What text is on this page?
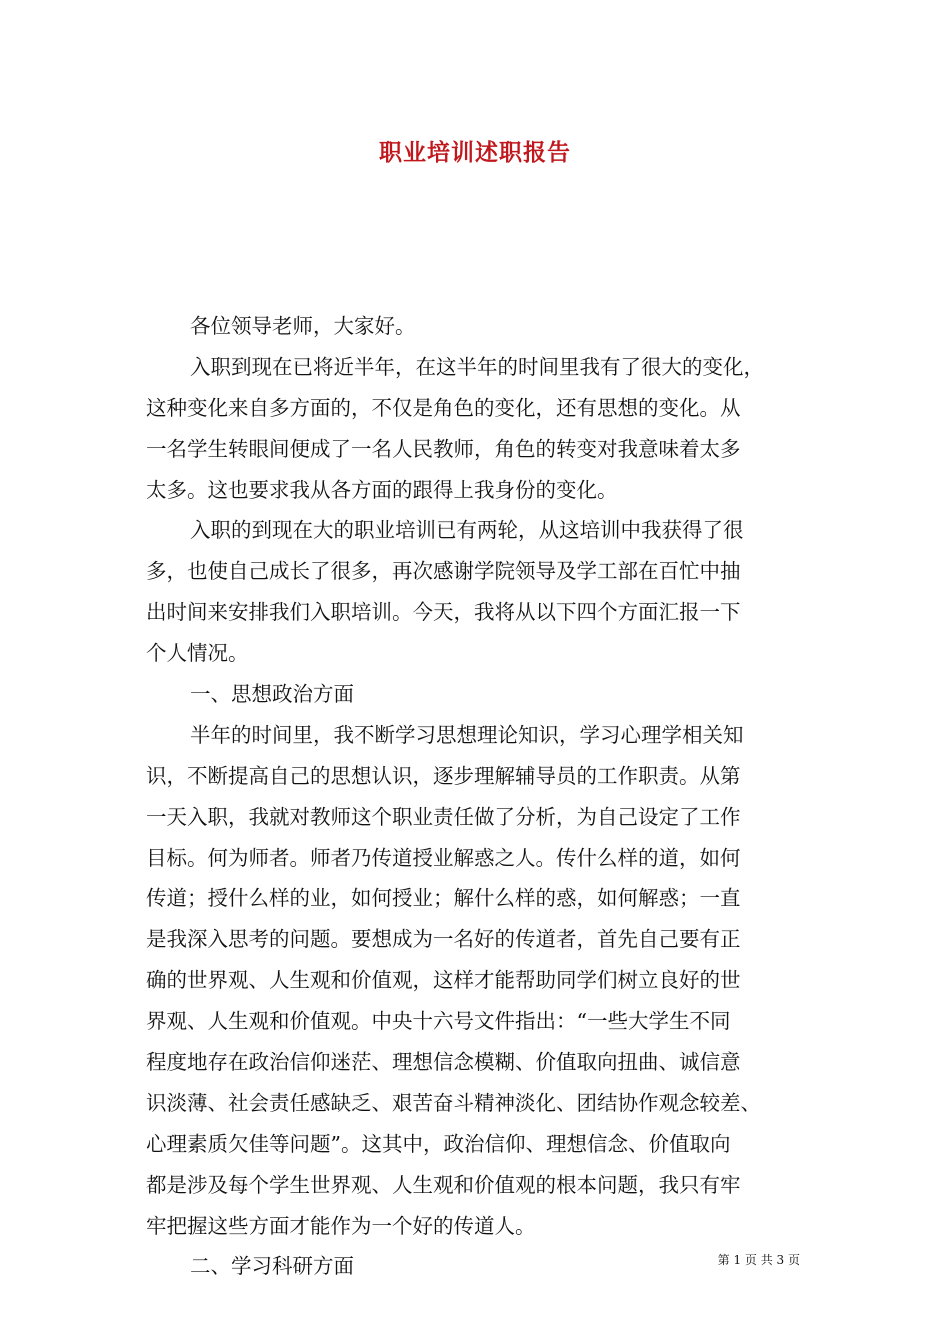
职业培训述职报告

各位领导老师，大家好。

入职到现在已将近半年，在这半年的时间里我有了很大的变化，

这种变化来自多方面的，不仅是角色的变化，还有思想的变化。从

一名学生转眼间便成了一名人民教师，角色的转变对我意味着太多

太多。这也要求我从各方面的跟得上我身份的变化。

入职的到现在大的职业培训已有两轮，从这培训中我获得了很

多，也使自己成长了很多，再次感谢学院领导及学工部在百忙中抽

出时间来安排我们入职培训。今天，我将从以下四个方面汇报一下

个人情况。

一、思想政治方面

半年的时间里，我不断学习思想理论知识，学习心理学相关知

识，不断提高自己的思想认识，逐步理解辅导员的工作职责。从第

一天入职，我就对教师这个职业责任做了分析，为自己设定了工作

目标。何为师者。师者乃传道授业解惑之人。传什么样的道，如何

传道；授什么样的业，如何授业；解什么样的惑，如何解惑；一直

是我深入思考的问题。要想成为一名好的传道者，首先自己要有正

确的世界观、人生观和价值观，这样才能帮助同学们树立良好的世

界观、人生观和价值观。中央十六号文件指出：“一些大学生不同

程度地存在政治信仰迷茫、理想信念模糊、价值取向扭曲、诚信意

识淡薄、社会责任感缺乏、艰苦奋斗精神淡化、团结协作观念较差、

心理素质欠佳等问题”。这其中，政治信仰、理想信念、价值取向

都是涉及每个学生世界观、人生观和价值观的根本问题，我只有牢

牢把握这些方面才能作为一个好的传道人。

二、学习科研方面	第 1 页 共 3 页
